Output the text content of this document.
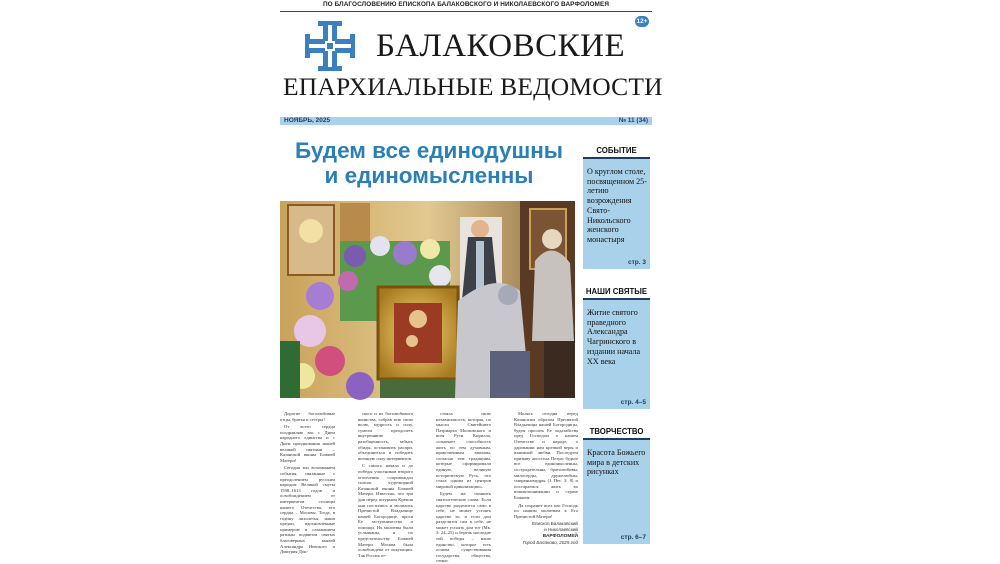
ПО БЛАГОСЛОВЕНИЮ ЕПИСКОПА БАЛАКОВСКОГО И НИКОЛАЕВСКОГО ВАРФОЛОМЕЯ
12+
БАЛАКОВСКИЕ
ЕПАРХИАЛЬНЫЕ ВЕДОМОСТИ
НОЯБРЬ, 2025	№ 11 (34)
Будем все единодушны
и единомысленны

Дорогие боголюбивые отцы, братья и сестры!

От всего сердца поздравляю вас с Днем народного единства и с Днем празднования нашей великой святыни – Казанской иконы Божией Матери!

Сегодня мы вспоминаем события, связанные с преодолением русским народом Великой смуты 1598–1613 годов и освобождением от интервентов столицы нашего Отечества, его сердца – Москвы. Тогда, в годину лихолетья, наши предки, вдохновленные примером и слышанием ратным подвигом святых благоверных князей Александра Невского и Дмитрия Дон-

ского и их боголюбивого воинства, собрав всю свою волю, мудрость и силу, сумели преодолеть внутреннюю разобщенность, забыть обиды, остановить распри, объединиться и победить военную силу интервентов.

С самого начала и до победы участников второго ополчения сопровождал список чудотворной Казанской иконы Божией Матери. Известно, что три дня перед штурмом Кремля они постились и молились Пречистой Владычице нашей Богородице, прося Ее заступничества и помощи. Их молитвы были услышаны, и по предстательству Божией Матери Москва была освобождена от оккупации. Так Россия от-

стояла свою независимость, которая, по мысли Святейшего Патриарха Московского и всея Руси Кирилла, «означает способность жить по тем духовным, нравственным законам, согласно тем традициям, которые сформировали единую, великую историческую Русь, что стала одним из центров мировой цивилизации».

Будем же помнить святоотеческие слова: Если царство разделится само в себе, не может устоять царство то; и если дом разделится сам в себе, не может устоять дом тот (Мк. 3: 24–25) и беречь наследие той победы – наше единство, которое есть основа существования государства, общества, семьи.

Молясь сегодня перед Казанским образом Пресвятой Владычицы нашей Богородицы, будем просить Ее ходатайства пред Господом о нашем Отечестве и народе, о даровании нам крепкой веры и взаимной любви. Последуем призыву апостола Петра: будьте все единомысленны, сострадательны, братолюбивы, милосерды, дружелюбны, смиренномудры (1 Пет. 3: 8) и постараемся жить во взаимопонимании и страхе Божием.

Да сохранит всех нас Господь по нашим молитвам к Его Пречистой Матери!

Епископ Балаковский
и Николаевский
ВАРФОЛОМЕЙ
Город Балаково, 2025 год
СОБЫТИЕ
О круглом столе, посвященном 25-летию возрождения Свято-Никольского женского монастыря
стр. 3
НАШИ СВЯТЫЕ
Житие святого праведного Александра Чагринского в издании начала XX века
стр. 4–5
ТВОРЧЕСТВО
Красота Божьего мира в детских рисунках
стр. 6–7
